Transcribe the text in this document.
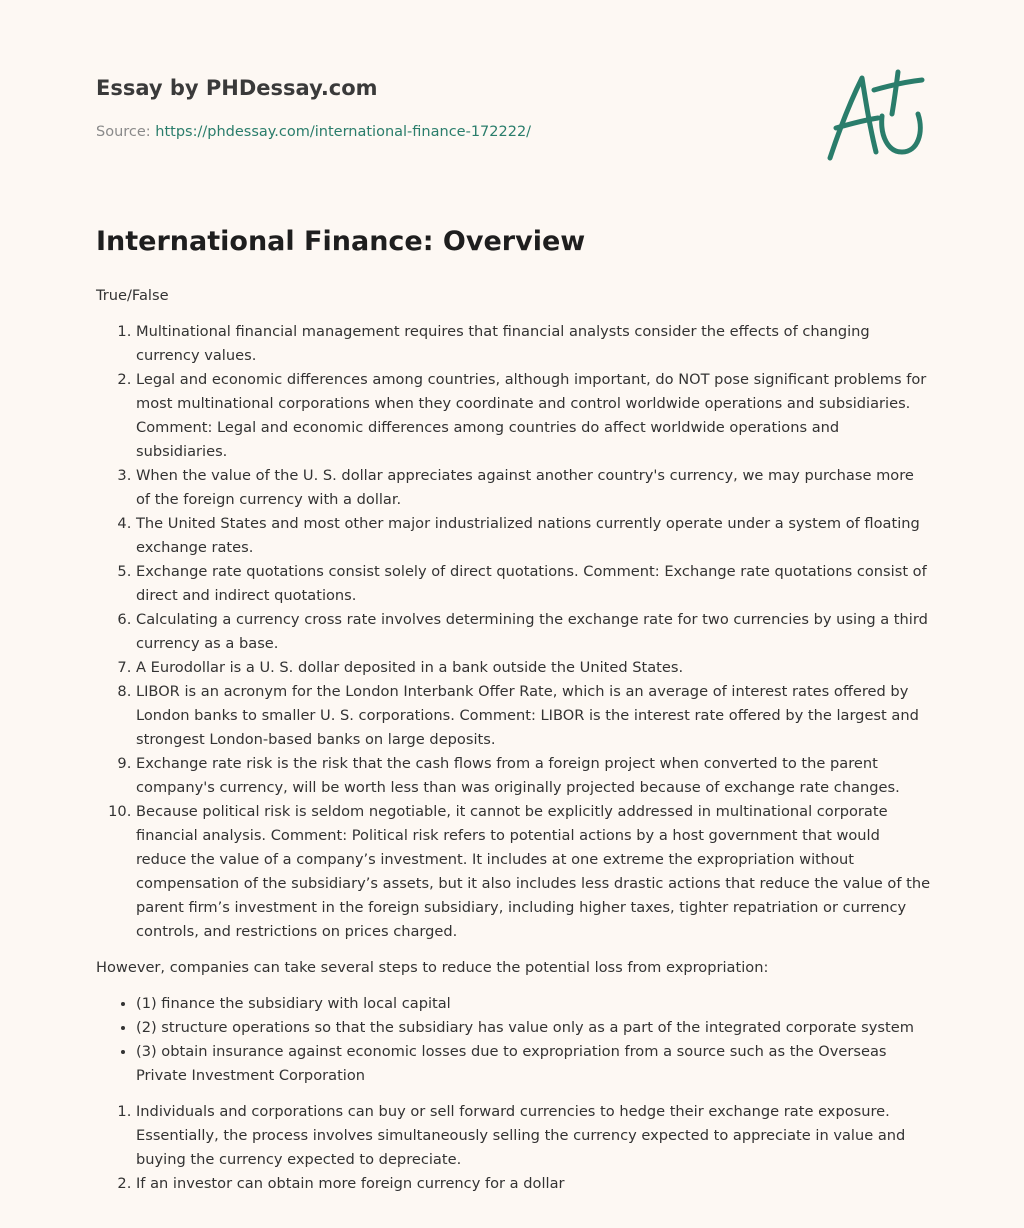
Essay by PHDessay.com
Source: https://phdessay.com/international-finance-172222/
International Finance: Overview

True/False

1. Multinational financial management requires that financial analysts consider the effects of changing currency values.
2. Legal and economic differences among countries, although important, do NOT pose significant problems for most multinational corporations when they coordinate and control worldwide operations and subsidiaries. Comment: Legal and economic differences among countries do affect worldwide operations and subsidiaries.
3. When the value of the U. S. dollar appreciates against another country's currency, we may purchase more of the foreign currency with a dollar.
4. The United States and most other major industrialized nations currently operate under a system of floating exchange rates.
5. Exchange rate quotations consist solely of direct quotations. Comment: Exchange rate quotations consist of direct and indirect quotations.
6. Calculating a currency cross rate involves determining the exchange rate for two currencies by using a third currency as a base.
7. A Eurodollar is a U. S. dollar deposited in a bank outside the United States.
8. LIBOR is an acronym for the London Interbank Offer Rate, which is an average of interest rates offered by London banks to smaller U. S. corporations. Comment: LIBOR is the interest rate offered by the largest and strongest London-based banks on large deposits.
9. Exchange rate risk is the risk that the cash flows from a foreign project when converted to the parent company's currency, will be worth less than was originally projected because of exchange rate changes.
10. Because political risk is seldom negotiable, it cannot be explicitly addressed in multinational corporate financial analysis. Comment: Political risk refers to potential actions by a host government that would reduce the value of a company’s investment. It includes at one extreme the expropriation without compensation of the subsidiary’s assets, but it also includes less drastic actions that reduce the value of the parent firm’s investment in the foreign subsidiary, including higher taxes, tighter repatriation or currency controls, and restrictions on prices charged.

However, companies can take several steps to reduce the potential loss from expropriation:

• (1) finance the subsidiary with local capital
• (2) structure operations so that the subsidiary has value only as a part of the integrated corporate system
• (3) obtain insurance against economic losses due to expropriation from a source such as the Overseas Private Investment Corporation
1. Individuals and corporations can buy or sell forward currencies to hedge their exchange rate exposure. Essentially, the process involves simultaneously selling the currency expected to appreciate in value and buying the currency expected to depreciate.
2. If an investor can obtain more foreign currency for a dollar
